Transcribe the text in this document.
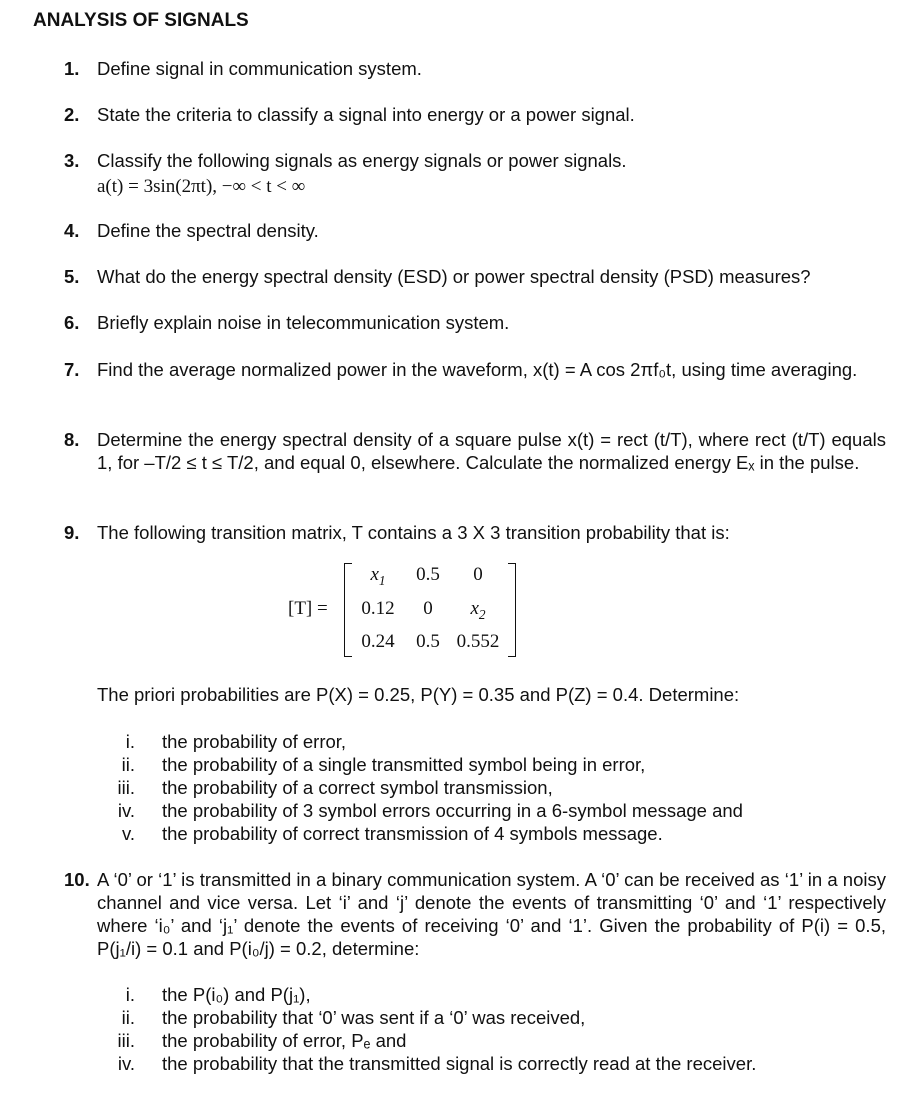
ANALYSIS OF SIGNALS
1. Define signal in communication system.
2. State the criteria to classify a signal into energy or a power signal.
3. Classify the following signals as energy signals or power signals.
a(t) = 3sin(2πt), −∞ < t < ∞
4. Define the spectral density.
5. What do the energy spectral density (ESD) or power spectral density (PSD) measures?
6. Briefly explain noise in telecommunication system.
7. Find the average normalized power in the waveform, x(t) = A cos 2πf₀t, using time averaging.
8. Determine the energy spectral density of a square pulse x(t) = rect (t/T), where rect (t/T) equals 1, for –T/2 ≤ t ≤ T/2, and equal 0, elsewhere. Calculate the normalized energy Eₓ in the pulse.
9. The following transition matrix, T contains a 3 X 3 transition probability that is:
[T] =
$x_1$	0.5	0
0.12	0	$x_2$
0.24	0.5 0.552
The priori probabilities are P(X) = 0.25, P(Y) = 0.35 and P(Z) = 0.4. Determine:
i. the probability of error,
ii. the probability of a single transmitted symbol being in error,
iii. the probability of a correct symbol transmission,
iv. the probability of 3 symbol errors occurring in a 6-symbol message and
v. the probability of correct transmission of 4 symbols message.
10. A ‘0’ or ‘1’ is transmitted in a binary communication system. A ‘0’ can be received as ‘1’ in a noisy channel and vice versa. Let ‘i’ and ‘j’ denote the events of transmitting ‘0’ and ‘1’ respectively where ‘i₀’ and ‘j₁’ denote the events of receiving ‘0’ and ‘1’. Given the probability of P(i) = 0.5, P(j₁/i) = 0.1 and P(i₀/j) = 0.2, determine:
i. the P(i₀) and P(j₁),
ii. the probability that ‘0’ was sent if a ‘0’ was received,
iii. the probability of error, Pₑ and
iv. the probability that the transmitted signal is correctly read at the receiver.
